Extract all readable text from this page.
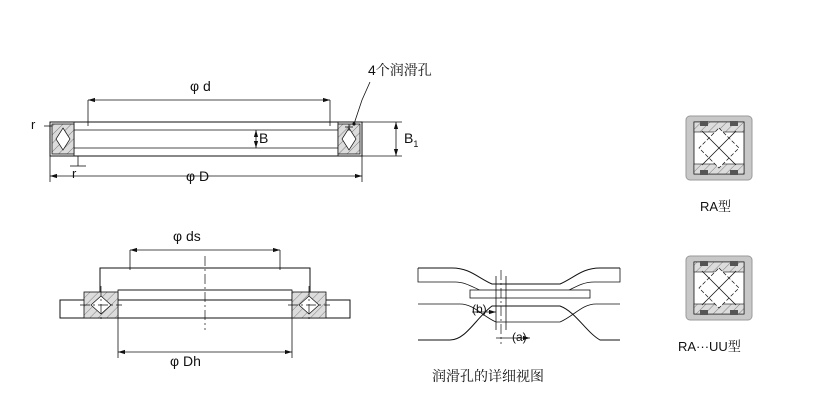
4个润滑孔
φ d
φ D
B	$B_1$
r
r
φ ds
φ Dh
(b)
(a)
润滑孔的详细视图
RA型
RA···UU型
